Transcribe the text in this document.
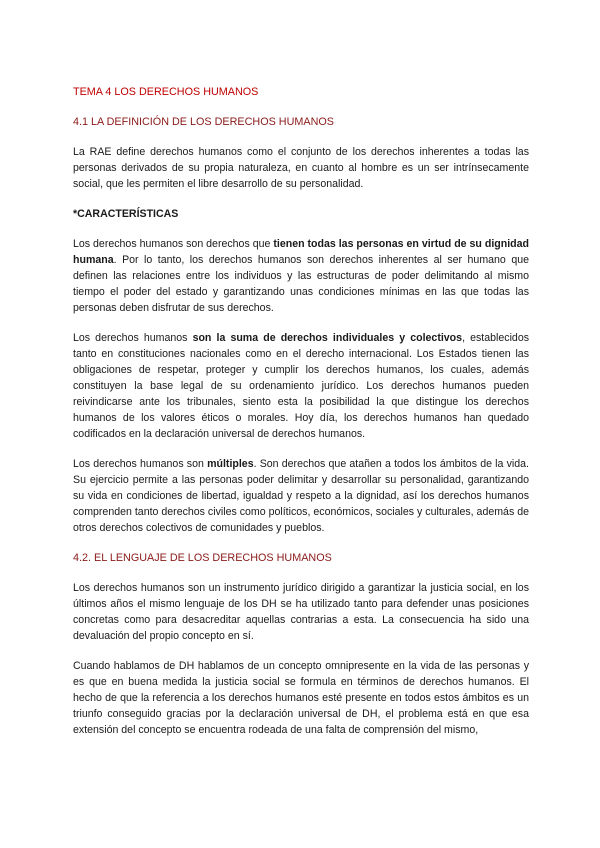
TEMA 4 LOS DERECHOS HUMANOS
4.1 LA DEFINICIÓN DE LOS DERECHOS HUMANOS

La RAE define derechos humanos como el conjunto de los derechos inherentes a todas las personas derivados de su propia naturaleza, en cuanto al hombre es un ser intrínsecamente social, que les permiten el libre desarrollo de su personalidad.

*CARACTERÍSTICAS

Los derechos humanos son derechos que tienen todas las personas en virtud de su dignidad humana. Por lo tanto, los derechos humanos son derechos inherentes al ser humano que definen las relaciones entre los individuos y las estructuras de poder delimitando al mismo tiempo el poder del estado y garantizando unas condiciones mínimas en las que todas las personas deben disfrutar de sus derechos.

Los derechos humanos son la suma de derechos individuales y colectivos, establecidos tanto en constituciones nacionales como en el derecho internacional. Los Estados tienen las obligaciones de respetar, proteger y cumplir los derechos humanos, los cuales, además constituyen la base legal de su ordenamiento jurídico. Los derechos humanos pueden reivindicarse ante los tribunales, siento esta la posibilidad la que distingue los derechos humanos de los valores éticos o morales. Hoy día, los derechos humanos han quedado codificados en la declaración universal de derechos humanos.

Los derechos humanos son múltiples. Son derechos que atañen a todos los ámbitos de la vida. Su ejercicio permite a las personas poder delimitar y desarrollar su personalidad, garantizando su vida en condiciones de libertad, igualdad y respeto a la dignidad, así los derechos humanos comprenden tanto derechos civiles como políticos, económicos, sociales y culturales, además de otros derechos colectivos de comunidades y pueblos.

4.2. EL LENGUAJE DE LOS DERECHOS HUMANOS

Los derechos humanos son un instrumento jurídico dirigido a garantizar la justicia social, en los últimos años el mismo lenguaje de los DH se ha utilizado tanto para defender unas posiciones concretas como para desacreditar aquellas contrarias a esta. La consecuencia ha sido una devaluación del propio concepto en sí.

Cuando hablamos de DH hablamos de un concepto omnipresente en la vida de las personas y es que en buena medida la justicia social se formula en términos de derechos humanos. El hecho de que la referencia a los derechos humanos esté presente en todos estos ámbitos es un triunfo conseguido gracias por la declaración universal de DH, el problema está en que esa extensión del concepto se encuentra rodeada de una falta de comprensión del mismo,
